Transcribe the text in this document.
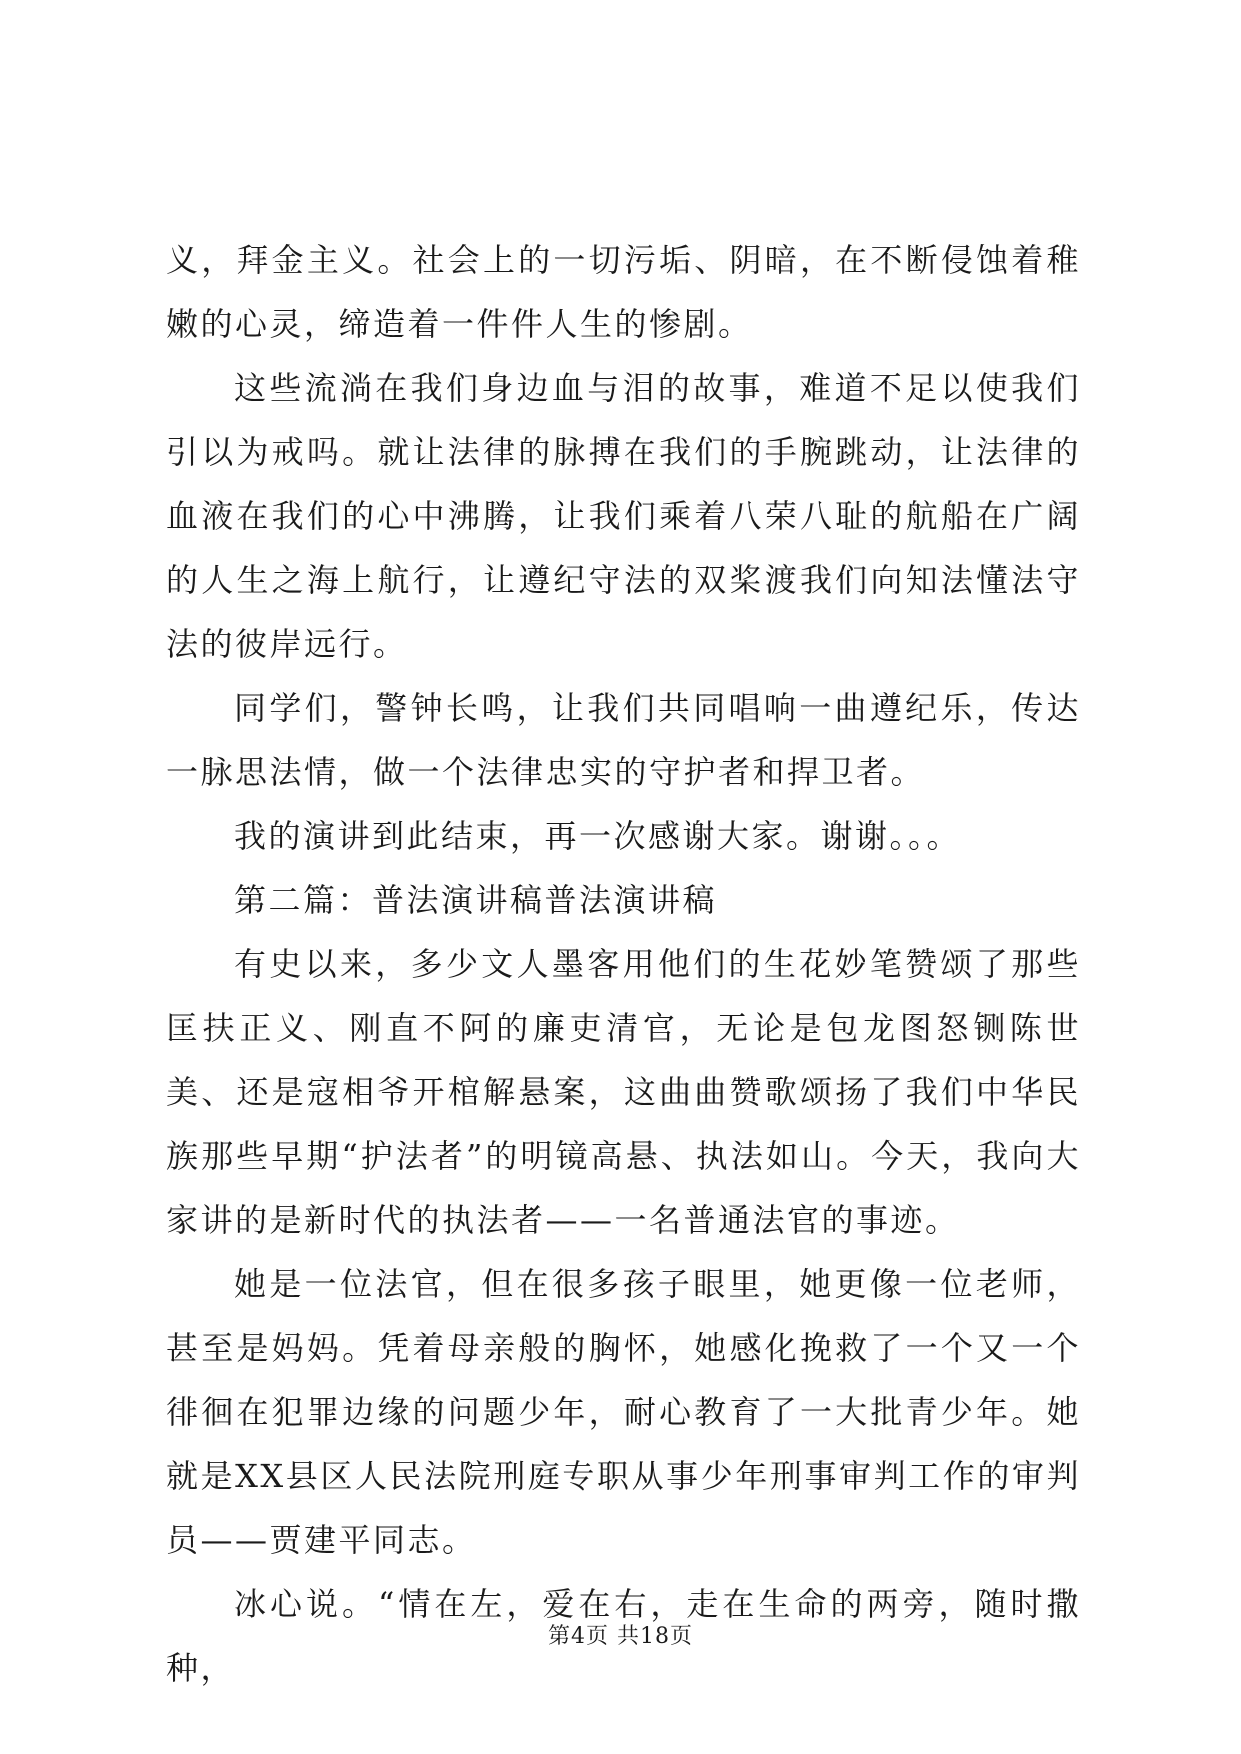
义，拜金主义。社会上的一切污垢、阴暗，在不断侵蚀着稚嫩的心灵，缔造着一件件人生的惨剧。

这些流淌在我们身边血与泪的故事，难道不足以使我们引以为戒吗。就让法律的脉搏在我们的手腕跳动，让法律的血液在我们的心中沸腾，让我们乘着八荣八耻的航船在广阔的人生之海上航行，让遵纪守法的双桨渡我们向知法懂法守法的彼岸远行。

同学们，警钟长鸣，让我们共同唱响一曲遵纪乐，传达一脉思法情，做一个法律忠实的守护者和捍卫者。

我的演讲到此结束，再一次感谢大家。谢谢。。。

第二篇：普法演讲稿普法演讲稿

有史以来，多少文人墨客用他们的生花妙笔赞颂了那些匡扶正义、刚直不阿的廉吏清官，无论是包龙图怒铡陈世美、还是寇相爷开棺解悬案，这曲曲赞歌颂扬了我们中华民族那些早期“护法者”的明镜高悬、执法如山。今天，我向大家讲的是新时代的执法者——一名普通法官的事迹。

她是一位法官，但在很多孩子眼里，她更像一位老师，甚至是妈妈。凭着母亲般的胸怀，她感化挽救了一个又一个徘徊在犯罪边缘的问题少年，耐心教育了一大批青少年。她就是XX县区人民法院刑庭专职从事少年刑事审判工作的审判员——贾建平同志。

冰心说。“情在左，爱在右，走在生命的两旁，随时撒种，

第4页 共18页
